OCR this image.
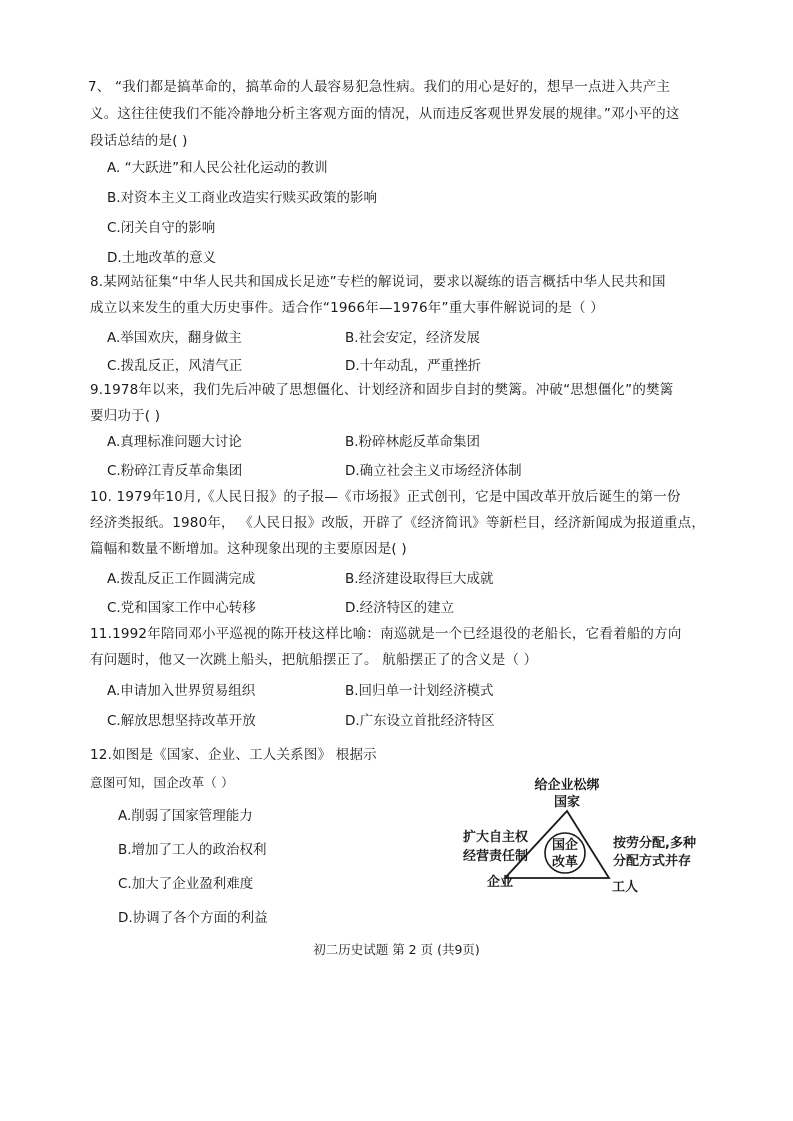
7、 “我们都是搞革命的，搞革命的人最容易犯急性病。我们的用心是好的，想早一点进入共产主
义。这往往使我们不能冷静地分析主客观方面的情况，从而违反客观世界发展的规律。”邓小平的这
段话总结的是( )
A. “大跃进”和人民公社化运动的教训
B.对资本主义工商业改造实行赎买政策的影响
C.闭关自守的影响
D.土地改革的意义
8.某网站征集“中华人民共和国成长足迹”专栏的解说词，要求以凝练的语言概括中华人民共和国
成立以来发生的重大历史事件。适合作“1966年—1976年”重大事件解说词的是（ ）
A.举国欢庆，翻身做主	B.社会安定，经济发展
C.拨乱反正，风清气正	D.十年动乱，严重挫折
9.1978年以来，我们先后冲破了思想僵化、计划经济和固步自封的樊篱。冲破“思想僵化”的樊篱
要归功于( )
A.真理标准问题大讨论	B.粉碎林彪反革命集团
C.粉碎江青反革命集团	D.确立社会主义市场经济体制
10. 1979年10月,《人民日报》的子报—《市场报》正式创刊，它是中国改革开放后诞生的第一份
经济类报纸。1980年， 《人民日报》改版，开辟了《经济简讯》等新栏目，经济新闻成为报道重点，
篇幅和数量不断增加。这种现象出现的主要原因是( )
A.拨乱反正工作圆满完成	B.经济建设取得巨大成就
C.党和国家工作中心转移	D.经济特区的建立
11.1992年陪同邓小平巡视的陈开枝这样比喻：南巡就是一个已经退役的老船长，它看着船的方向
有问题时，他又一次跳上船头，把航船摆正了。 航船摆正了的含义是（ ）
A.申请加入世界贸易组织	B.回归单一计划经济模式
C.解放思想坚持改革开放	D.广东设立首批经济特区
12.如图是《国家、企业、工人关系图》 根据示
意图可知，国企改革（ ）
A.削弱了国家管理能力
B.增加了工人的政治权利
C.加大了企业盈利难度
D.协调了各个方面的利益
给企业松绑
国家
扩大自主权
经营责任制
国企
改革
按劳分配,多种
分配方式并存
企业	工人
初二历史试题 第 2 页 (共9页)
